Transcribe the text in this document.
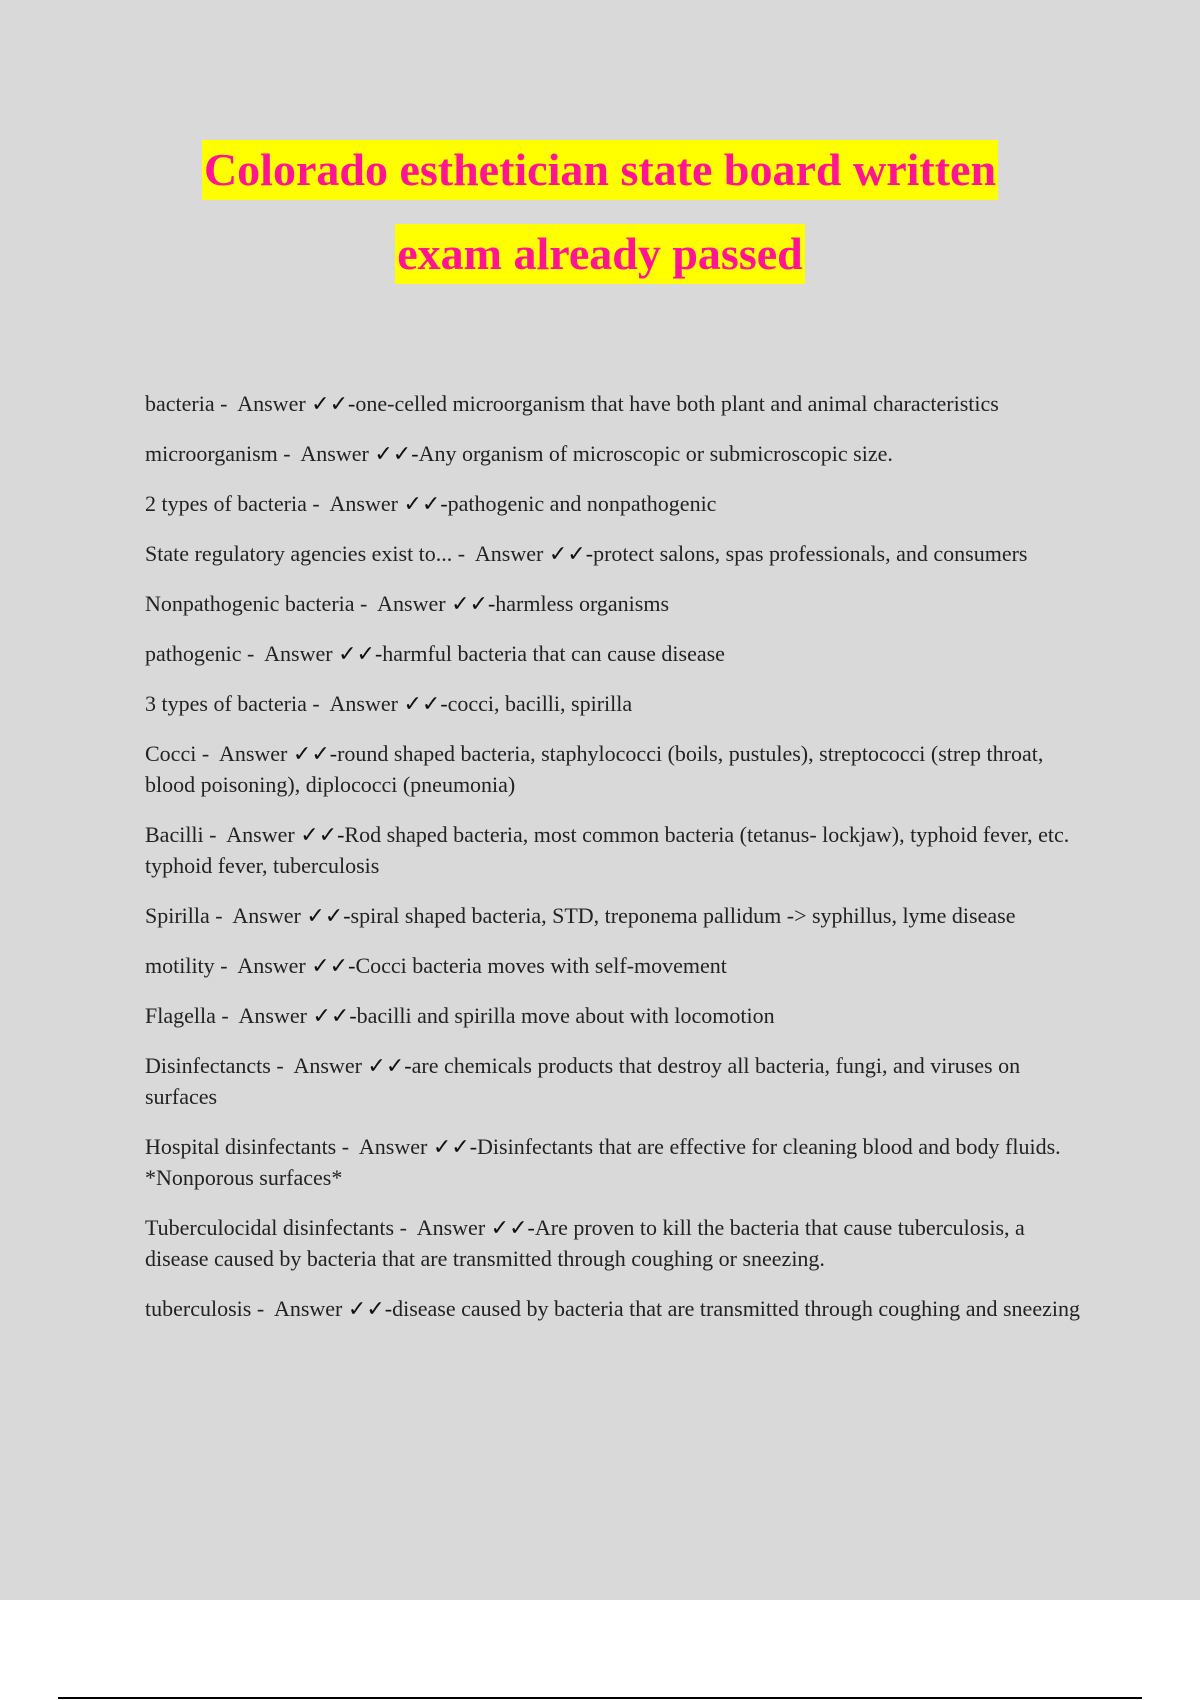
Colorado esthetician state board written
exam already passed
bacteria - Answer ✓✓ - one-celled microorganism that have both plant and animal characteristics
microorganism - Answer ✓✓ - Any organism of microscopic or submicroscopic size.
2 types of bacteria - Answer ✓✓ - pathogenic and nonpathogenic
State regulatory agencies exist to... - Answer ✓✓ - protect salons, spas professionals, and consumers
Nonpathogenic bacteria - Answer ✓✓ - harmless organisms
pathogenic - Answer ✓✓ - harmful bacteria that can cause disease
3 types of bacteria - Answer ✓✓ - cocci, bacilli, spirilla
Cocci - Answer ✓✓ - round shaped bacteria, staphylococci (boils, pustules), streptococci (strep throat, blood poisoning), diplococci (pneumonia)
Bacilli - Answer ✓✓ - Rod shaped bacteria, most common bacteria (tetanus- lockjaw), typhoid fever, etc. typhoid fever, tuberculosis
Spirilla - Answer ✓✓ - spiral shaped bacteria, STD, treponema pallidum -> syphillus, lyme disease
motility - Answer ✓✓ - Cocci bacteria moves with self-movement
Flagella - Answer ✓✓ - bacilli and spirilla move about with locomotion
Disinfectancts - Answer ✓✓ - are chemicals products that destroy all bacteria, fungi, and viruses on surfaces
Hospital disinfectants - Answer ✓✓ - Disinfectants that are effective for cleaning blood and body fluids. *Nonporous surfaces*
Tuberculocidal disinfectants - Answer ✓✓ - Are proven to kill the bacteria that cause tuberculosis, a disease caused by bacteria that are transmitted through coughing or sneezing.
tuberculosis - Answer ✓✓ - disease caused by bacteria that are transmitted through coughing and sneezing
